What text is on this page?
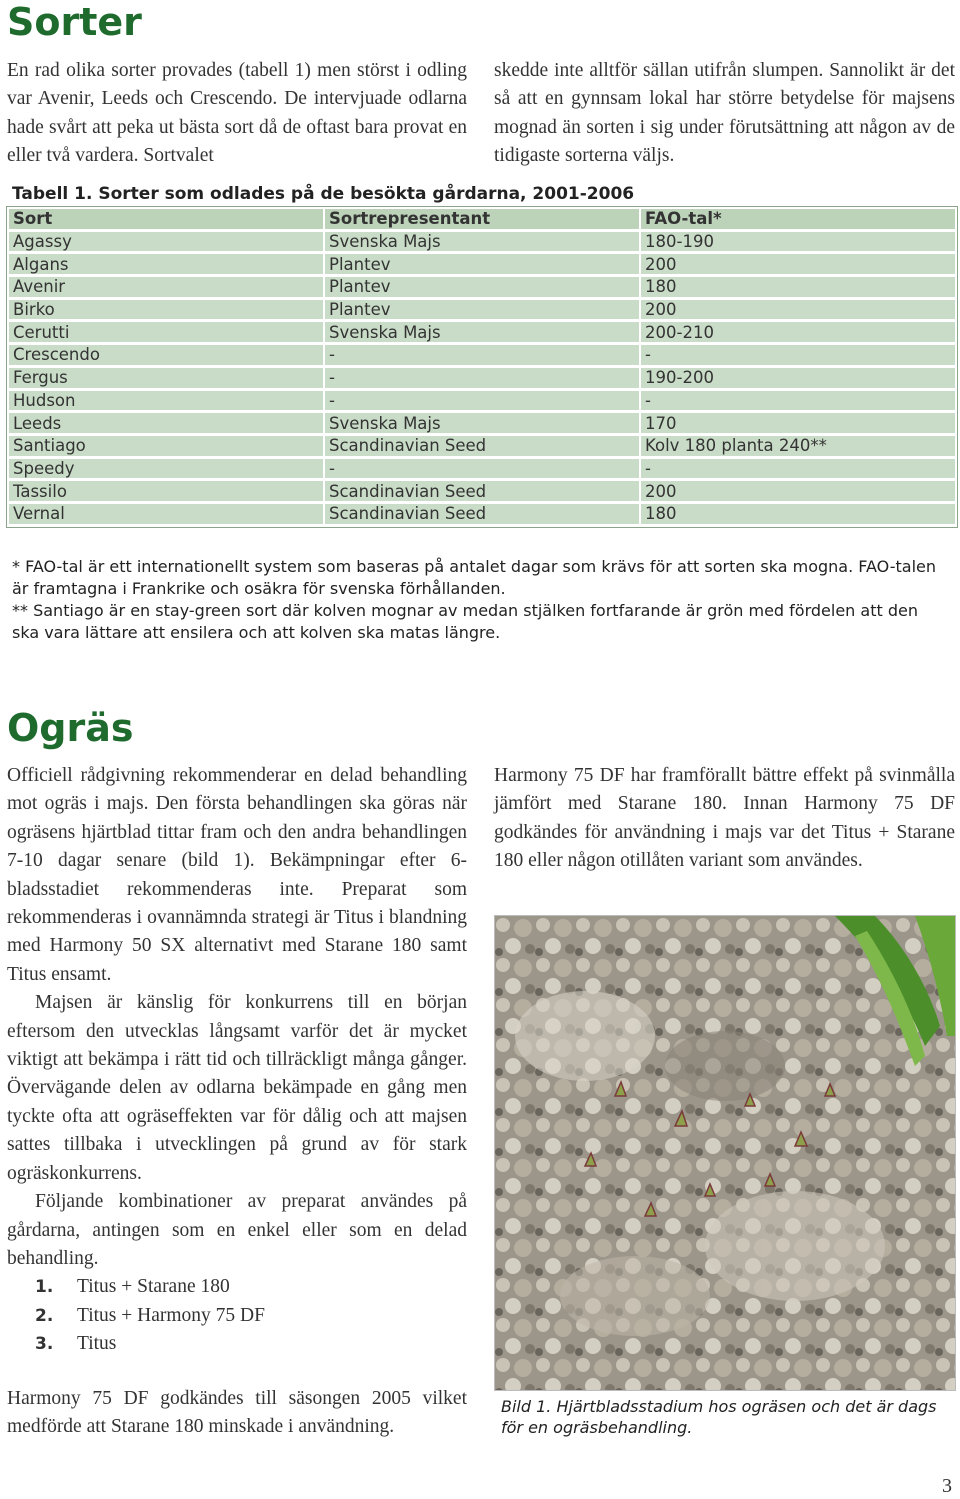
Sorter

En rad olika sorter provades (tabell 1) men störst i odling var Avenir, Leeds och Crescendo. De intervjuade odlarna hade svårt att peka ut bästa sort då de oftast bara provat en eller två vardera. Sortvalet

skedde inte alltför sällan utifrån slumpen. Sannolikt är det så att en gynnsam lokal har större betydelse för majsens mognad än sorten i sig under förutsättning att någon av de tidigaste sorterna väljs.

Tabell 1. Sorter som odlades på de besökta gårdarna, 2001-2006
Sort	Sortrepresentant	FAO-tal*
Agassy	Svenska Majs	180-190
Algans	Plantev	200
Avenir	Plantev	180
Birko	Plantev	200
Cerutti	Svenska Majs	200-210
Crescendo	-	-
Fergus	-	190-200
Hudson	-	-
Leeds	Svenska Majs	170
Santiago	Scandinavian Seed	Kolv 180 planta 240**
Speedy	-	-
Tassilo	Scandinavian Seed	200
Vernal	Scandinavian Seed	180

* FAO-tal är ett internationellt system som baseras på antalet dagar som krävs för att sorten ska mogna. FAO-talen är framtagna i Frankrike och osäkra för svenska förhållanden.

** Santiago är en stay-green sort där kolven mognar av medan stjälken fortfarande är grön med fördelen att den ska vara lättare att ensilera och att kolven ska matas längre.

Ogräs

Officiell rådgivning rekommenderar en delad behandling mot ogräs i majs. Den första behandlingen ska göras när ogräsens hjärtblad tittar fram och den andra behandlingen 7-10 dagar senare (bild 1). Bekämpningar efter 6-bladsstadiet rekommenderas inte. Preparat som rekommenderas i ovannämnda strategi är Titus i blandning med Harmony 50 SX alternativt med Starane 180 samt Titus ensamt.

Majsen är känslig för konkurrens till en början eftersom den utvecklas långsamt varför det är mycket viktigt att bekämpa i rätt tid och tillräckligt många gånger. Övervägande delen av odlarna bekämpade en gång men tyckte ofta att ogräseffekten var för dålig och att majsen sattes tillbaka i utvecklingen på grund av för stark ogräskonkurrens.

Följande kombinationer av preparat användes på gårdarna, antingen som en enkel eller som en delad behandling.

1. Titus + Starane 180
2. Titus + Harmony 75 DF
3. Titus

Harmony 75 DF godkändes till säsongen 2005 vilket medförde att Starane 180 minskade i användning.

Harmony 75 DF har framförallt bättre effekt på svinmålla jämfört med Starane 180. Innan Harmony 75 DF godkändes för användning i majs var det Titus + Starane 180 eller någon otillåten variant som användes.

Bild 1. Hjärtbladsstadium hos ogräsen och det är dags för en ogräsbehandling.
3
